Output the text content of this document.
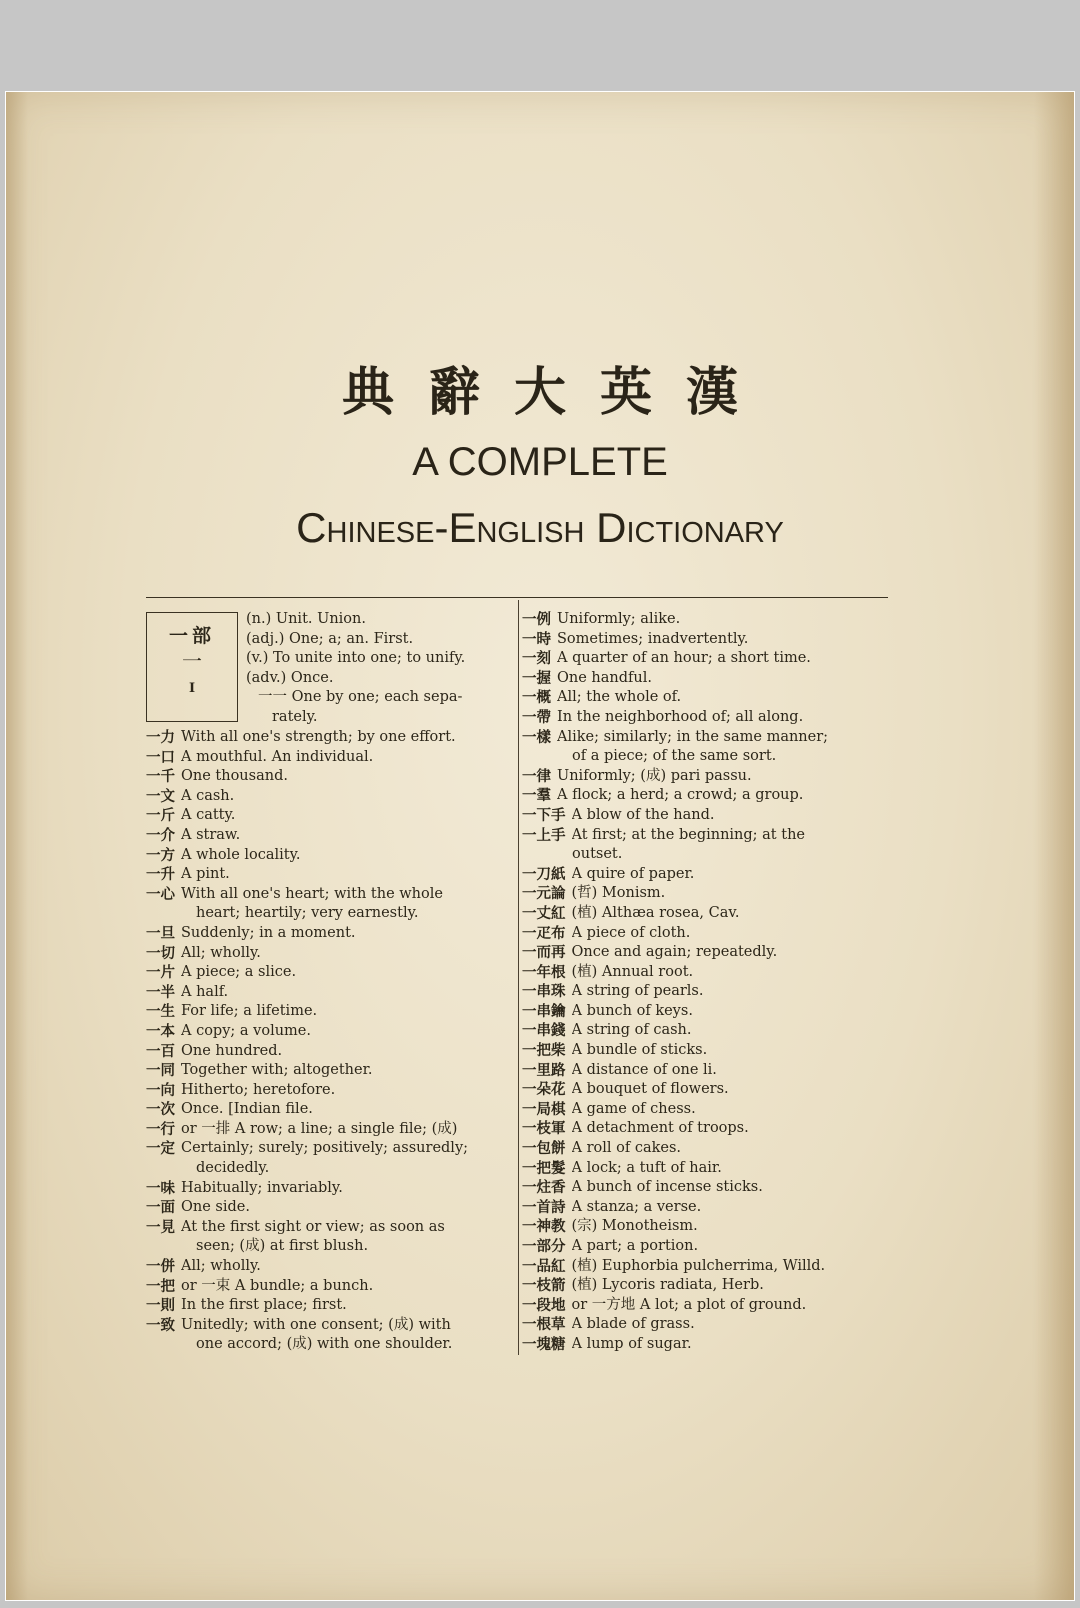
典辭大英漢
A COMPLETE
Chinese-English Dictionary
一部
一
I
(n.) Unit. Union.
(adj.) One; a; an. First.
(v.) To unite into one; to unify.
(adv.) Once.
一一 One by one; each sepa-
rately.
一力 With all one's strength; by one effort.
一口 A mouthful. An individual.
一千 One thousand.
一文 A cash.
一斤 A catty.
一介 A straw.
一方 A whole locality.
一升 A pint.
一心 With all one's heart; with the whole
heart; heartily; very earnestly.
一旦 Suddenly; in a moment.
一切 All; wholly.
一片 A piece; a slice.
一半 A half.
一生 For life; a lifetime.
一本 A copy; a volume.
一百 One hundred.
一同 Together with; altogether.
一向 Hitherto; heretofore.
一次 Once. [Indian file.
一行 or 一排 A row; a line; a single file; (成)
一定 Certainly; surely; positively; assuredly;
decidedly.
一味 Habitually; invariably.
一面 One side.
一見 At the first sight or view; as soon as
seen; (成) at first blush.
一併 All; wholly.
一把 or 一束 A bundle; a bunch.
一則 In the first place; first.
一致 Unitedly; with one consent; (成) with
one accord; (成) with one shoulder.
一例 Uniformly; alike.
一時 Sometimes; inadvertently.
一刻 A quarter of an hour; a short time.
一握 One handful.
一概 All; the whole of.
一帶 In the neighborhood of; all along.
一樣 Alike; similarly; in the same manner;
of a piece; of the same sort.
一律 Uniformly; (成) pari passu.
一羣 A flock; a herd; a crowd; a group.
一下手 A blow of the hand.
一上手 At first; at the beginning; at the
outset.
一刀紙 A quire of paper.
一元論 (哲) Monism.
一丈紅 (植) Althæa rosea, Cav.
一疋布 A piece of cloth.
一而再 Once and again; repeatedly.
一年根 (植) Annual root.
一串珠 A string of pearls.
一串鑰 A bunch of keys.
一串錢 A string of cash.
一把柴 A bundle of sticks.
一里路 A distance of one li.
一朵花 A bouquet of flowers.
一局棋 A game of chess.
一枝軍 A detachment of troops.
一包餅 A roll of cakes.
一把髮 A lock; a tuft of hair.
一炷香 A bunch of incense sticks.
一首詩 A stanza; a verse.
一神教 (宗) Monotheism.
一部分 A part; a portion.
一品紅 (植) Euphorbia pulcherrima, Willd.
一枝箭 (植) Lycoris radiata, Herb.
一段地 or 一方地 A lot; a plot of ground.
一根草 A blade of grass.
一塊糖 A lump of sugar.
